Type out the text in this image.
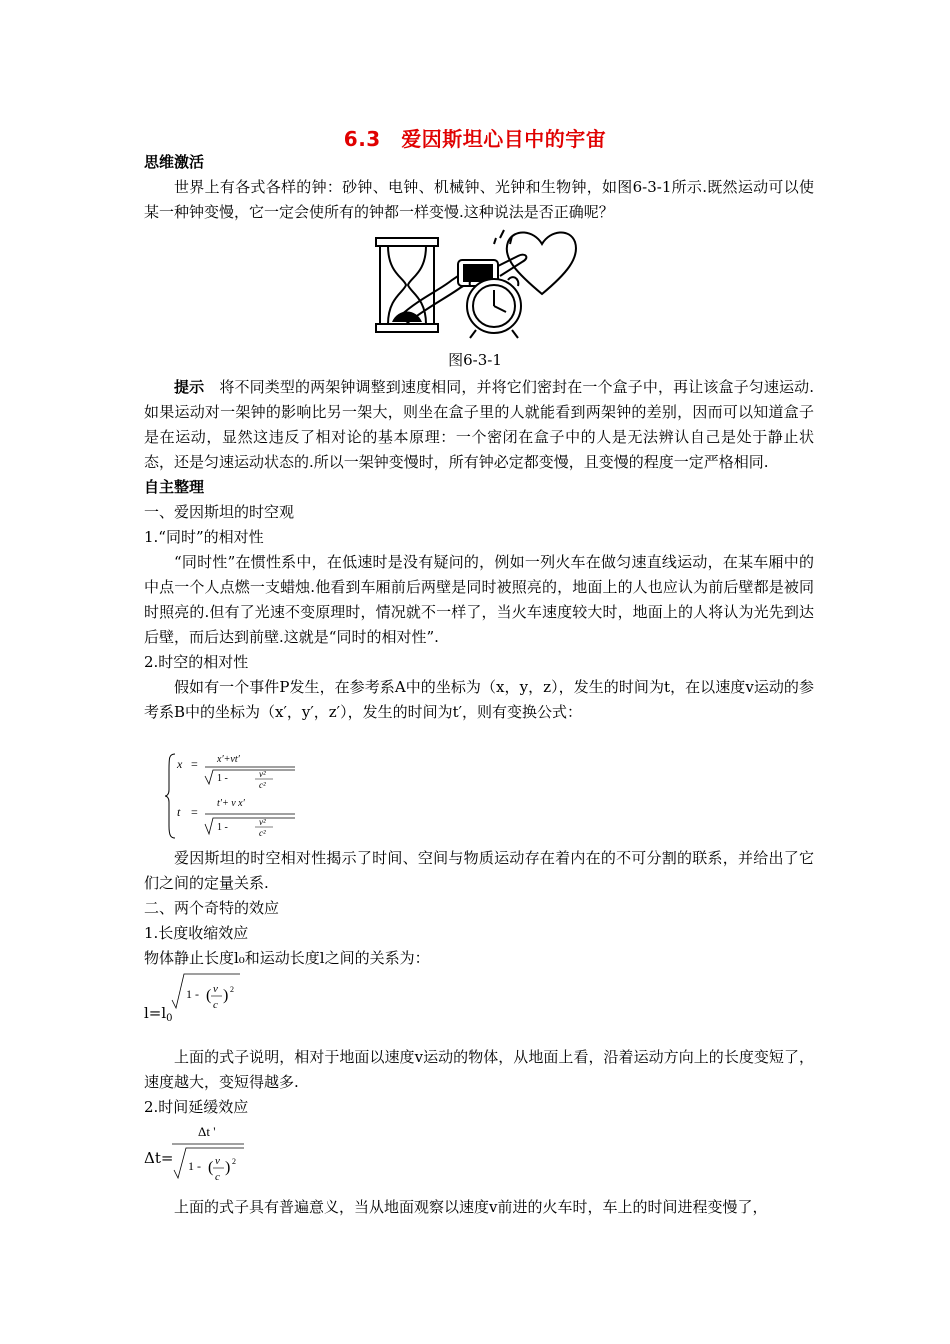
6.3　爱因斯坦心目中的宇宙

思维激活

世界上有各式各样的钟：砂钟、电钟、机械钟、光钟和生物钟，如图6-3-1所示.既然运动可以使某一种钟变慢，它一定会使所有的钟都一样变慢.这种说法是否正确呢？

图6-3-1

提示　 将不同类型的两架钟调整到速度相同，并将它们密封在一个盒子中，再让该盒子匀速运动.如果运动对一架钟的影响比另一架大，则坐在盒子里的人就能看到两架钟的差别，因而可以知道盒子是在运动，显然这违反了相对论的基本原理：一个密闭在盒子中的人是无法辨认自己是处于静止状态，还是匀速运动状态的.所以一架钟变慢时，所有钟必定都变慢，且变慢的程度一定严格相同.

自主整理

一、爱因斯坦的时空观

1.“同时”的相对性

“同时性”在惯性系中，在低速时是没有疑问的，例如一列火车在做匀速直线运动，在某车厢中的中点一个人点燃一支蜡烛.他看到车厢前后两壁是同时被照亮的，地面上的人也应认为前后壁都是被同时照亮的.但有了光速不变原理时，情况就不一样了，当火车速度较大时，地面上的人将认为光先到达后壁，而后达到前壁.这就是“同时的相对性”.

2.时空的相对性

假如有一个事件P发生，在参考系A中的坐标为（x，y，z），发生的时间为t，在以速度v运动的参考系B中的坐标为（x′，y′，z′），发生的时间为t′，则有变换公式：

x = x′+vt′
1 -	v²
c²
t =
t′+ v x′
1 -	v²
c²

爱因斯坦的时空相对性揭示了时间、空间与物质运动存在着内在的不可分割的联系，并给出了它们之间的定量关系.

二、两个奇特的效应

1.长度收缩效应

物体静止长度l₀和运动长度l之间的关系为：

$l=l_0$
1 - ( v
c
) 2

上面的式子说明，相对于地面以速度v运动的物体，从地面上看，沿着运动方向上的长度变短了，速度越大，变短得越多.

2.时间延缓效应

Δt=
Δt '
1 - ( v
c
) 2

上面的式子具有普遍意义，当从地面观察以速度v前进的火车时，车上的时间进程变慢了，
